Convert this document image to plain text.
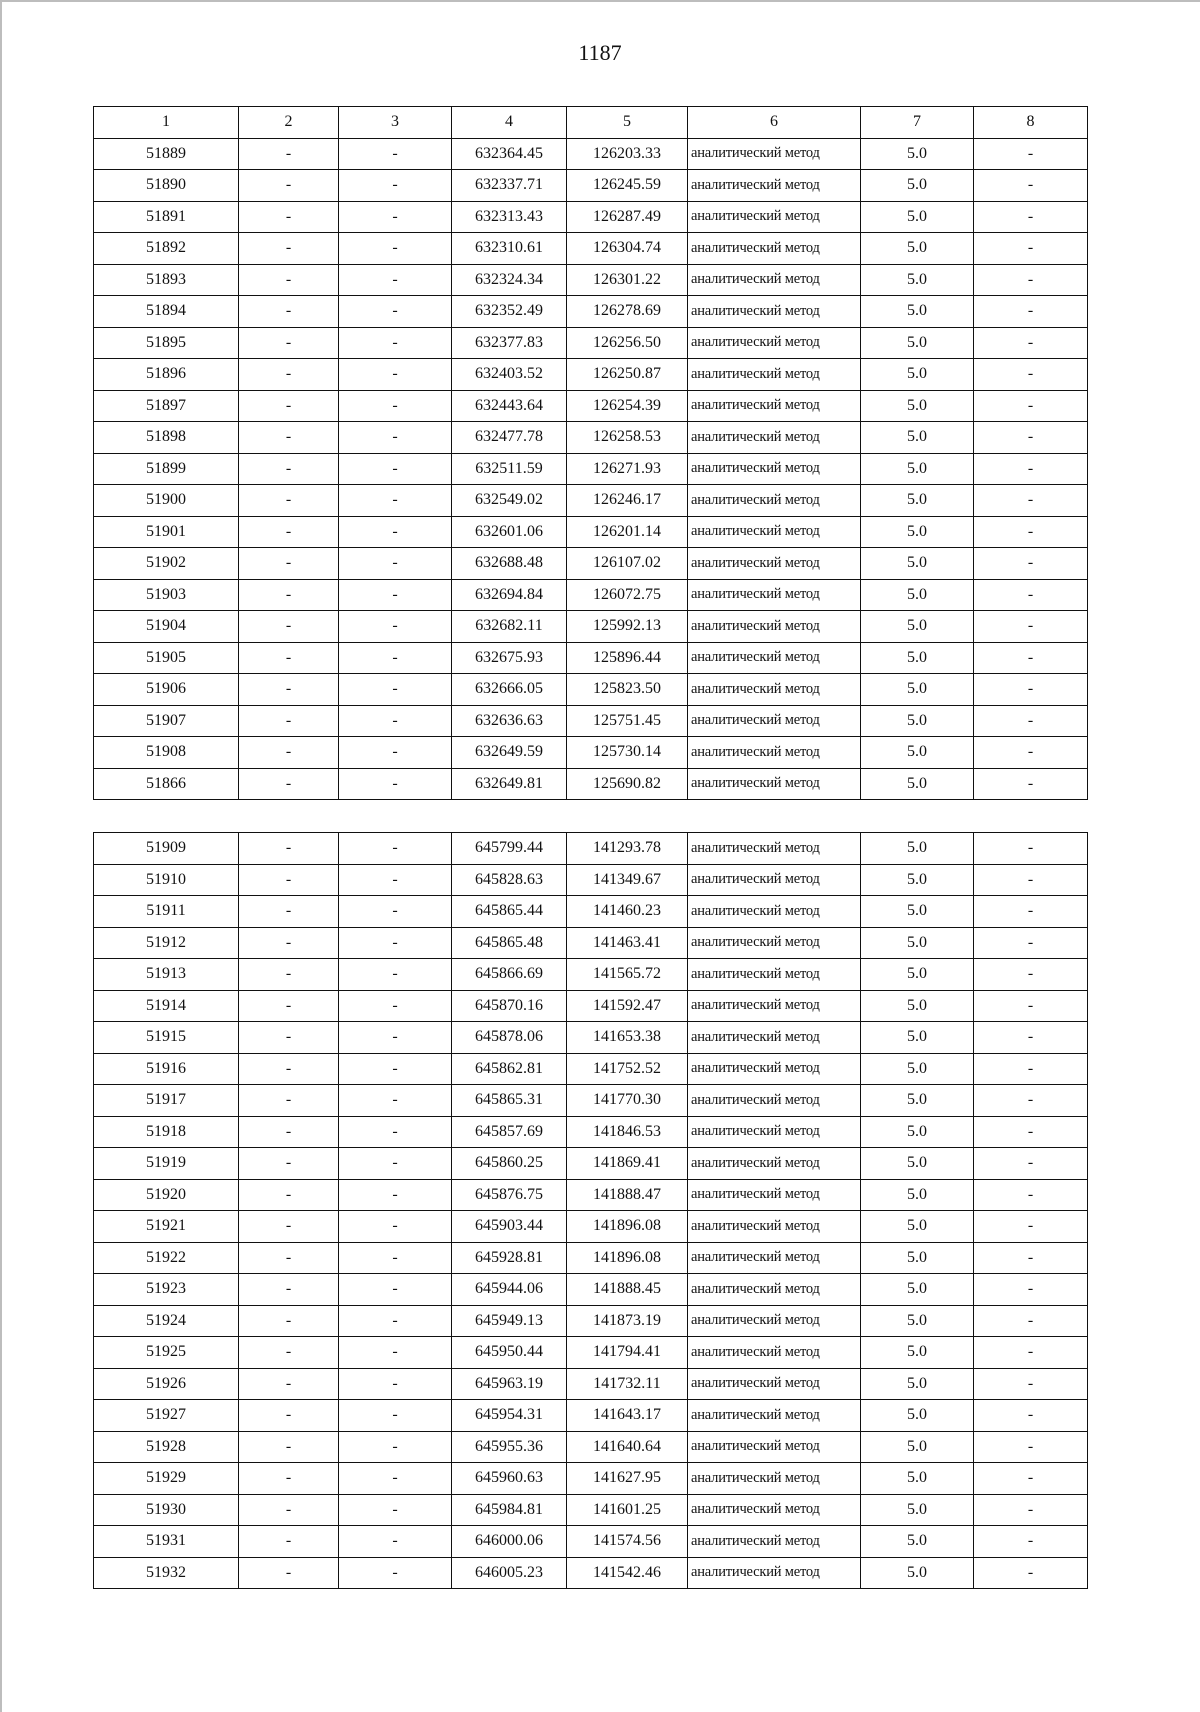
1187
1	2	3	4	5	6	7	8
51889	-	-	632364.45	126203.33	аналитический метод	5.0	-
51890	-	-	632337.71	126245.59	аналитический метод	5.0	-
51891	-	-	632313.43	126287.49	аналитический метод	5.0	-
51892	-	-	632310.61	126304.74	аналитический метод	5.0	-
51893	-	-	632324.34	126301.22	аналитический метод	5.0	-
51894	-	-	632352.49	126278.69	аналитический метод	5.0	-
51895	-	-	632377.83	126256.50	аналитический метод	5.0	-
51896	-	-	632403.52	126250.87	аналитический метод	5.0	-
51897	-	-	632443.64	126254.39	аналитический метод	5.0	-
51898	-	-	632477.78	126258.53	аналитический метод	5.0	-
51899	-	-	632511.59	126271.93	аналитический метод	5.0	-
51900	-	-	632549.02	126246.17	аналитический метод	5.0	-
51901	-	-	632601.06	126201.14	аналитический метод	5.0	-
51902	-	-	632688.48	126107.02	аналитический метод	5.0	-
51903	-	-	632694.84	126072.75	аналитический метод	5.0	-
51904	-	-	632682.11	125992.13	аналитический метод	5.0	-
51905	-	-	632675.93	125896.44	аналитический метод	5.0	-
51906	-	-	632666.05	125823.50	аналитический метод	5.0	-
51907	-	-	632636.63	125751.45	аналитический метод	5.0	-
51908	-	-	632649.59	125730.14	аналитический метод	5.0	-
51866	-	-	632649.81	125690.82	аналитический метод	5.0	-
51909	-	-	645799.44	141293.78	аналитический метод	5.0	-
51910	-	-	645828.63	141349.67	аналитический метод	5.0	-
51911	-	-	645865.44	141460.23	аналитический метод	5.0	-
51912	-	-	645865.48	141463.41	аналитический метод	5.0	-
51913	-	-	645866.69	141565.72	аналитический метод	5.0	-
51914	-	-	645870.16	141592.47	аналитический метод	5.0	-
51915	-	-	645878.06	141653.38	аналитический метод	5.0	-
51916	-	-	645862.81	141752.52	аналитический метод	5.0	-
51917	-	-	645865.31	141770.30	аналитический метод	5.0	-
51918	-	-	645857.69	141846.53	аналитический метод	5.0	-
51919	-	-	645860.25	141869.41	аналитический метод	5.0	-
51920	-	-	645876.75	141888.47	аналитический метод	5.0	-
51921	-	-	645903.44	141896.08	аналитический метод	5.0	-
51922	-	-	645928.81	141896.08	аналитический метод	5.0	-
51923	-	-	645944.06	141888.45	аналитический метод	5.0	-
51924	-	-	645949.13	141873.19	аналитический метод	5.0	-
51925	-	-	645950.44	141794.41	аналитический метод	5.0	-
51926	-	-	645963.19	141732.11	аналитический метод	5.0	-
51927	-	-	645954.31	141643.17	аналитический метод	5.0	-
51928	-	-	645955.36	141640.64	аналитический метод	5.0	-
51929	-	-	645960.63	141627.95	аналитический метод	5.0	-
51930	-	-	645984.81	141601.25	аналитический метод	5.0	-
51931	-	-	646000.06	141574.56	аналитический метод	5.0	-
51932	-	-	646005.23	141542.46	аналитический метод	5.0	-
